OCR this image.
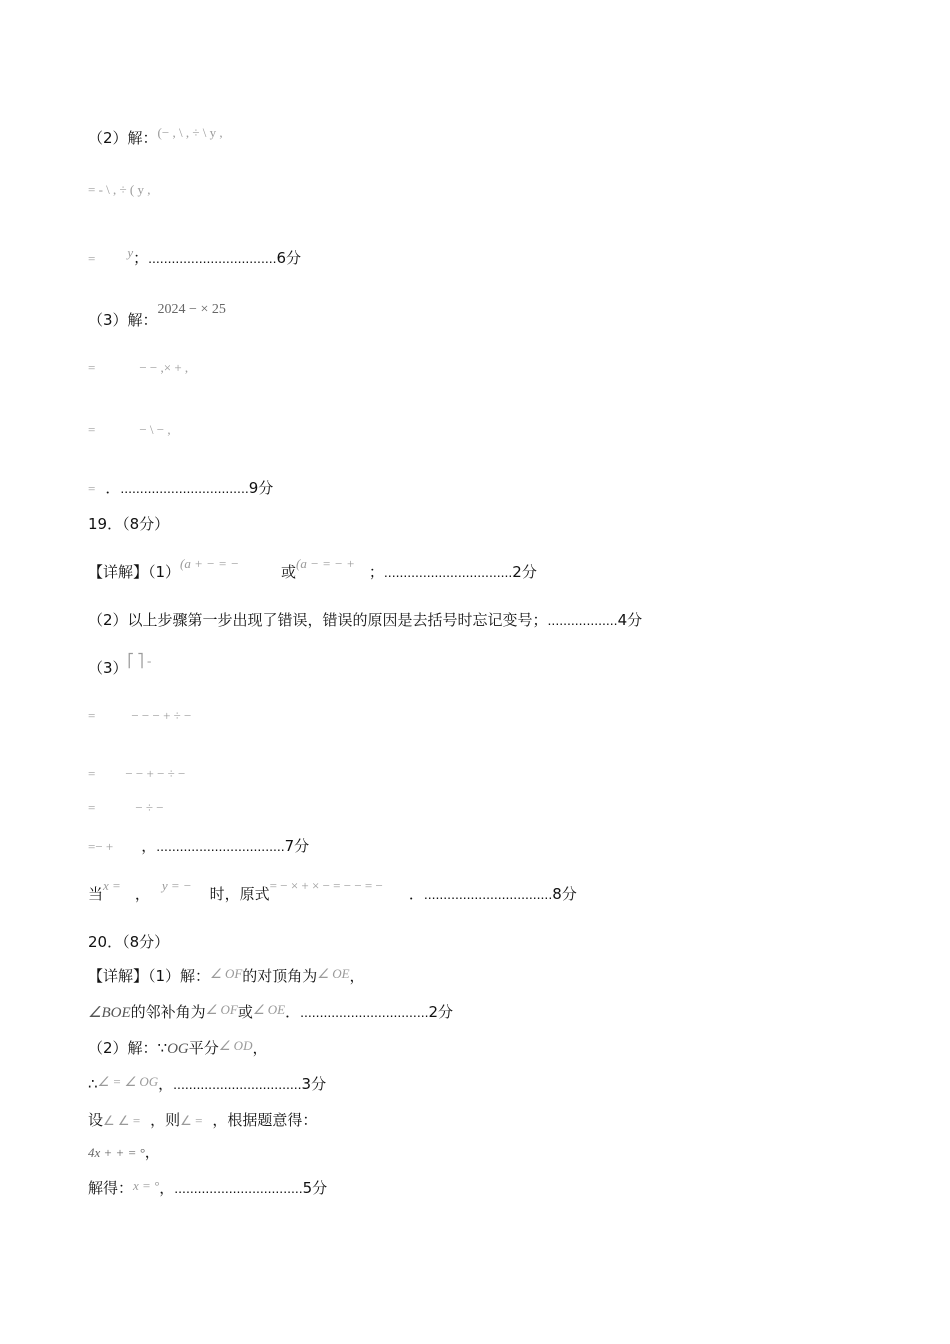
（2）解：(− , \ , ÷ \ y ,
= - \ , ÷ ( y ,
= y；.................................6分
（3）解：2024 − × 25
=	− − ,× + ,
=	− \ − ,
= ．.................................9分
19．（8分）
【详解】（1）(a + − = −	或(a − = − + ；.................................2分
（2）以上步骤第一步出现了错误，错误的原因是去括号时忘记变号；..................4分
（3）⎡ ⎤ -
=	− − − + ÷ −
= − − + − ÷ −
=	− ÷ −
=− + ，.................................7分
当x = ， y = − 时，原式= − × + × − = − − = − ．.................................8分
20．（8分）
【详解】（1）解：∠ OF的对顶角为∠ OE，
∠BOE的邻补角为∠ OF或∠ OE．.................................2分
（2）解：∵OG平分∠ OD，
∴∠ = ∠ OG，.................................3分
设∠ ∠ = ，则∠ = ，根据题意得：
4x + + = °，
解得：x = °，.................................5分
